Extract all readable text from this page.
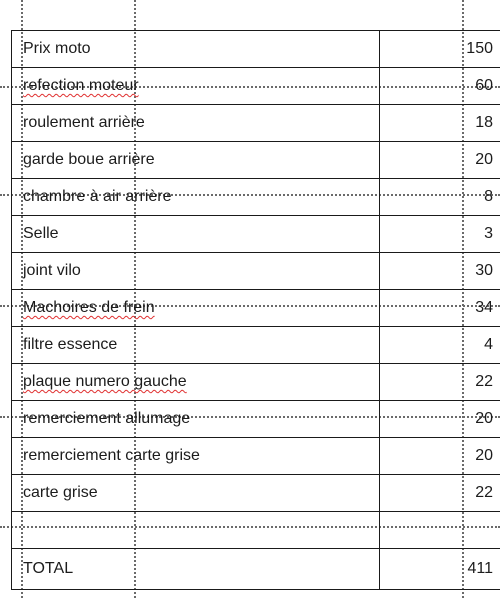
Prix moto	150
refection moteur	60
roulement arrière	18
garde boue arrière	20
chambre à air arrière	8
Selle	3
joint vilo	30
Machoires de frein	34
filtre essence	4
plaque numero gauche	22
remerciement allumage	20
remerciement carte grise	20
carte grise	22

TOTAL	411
